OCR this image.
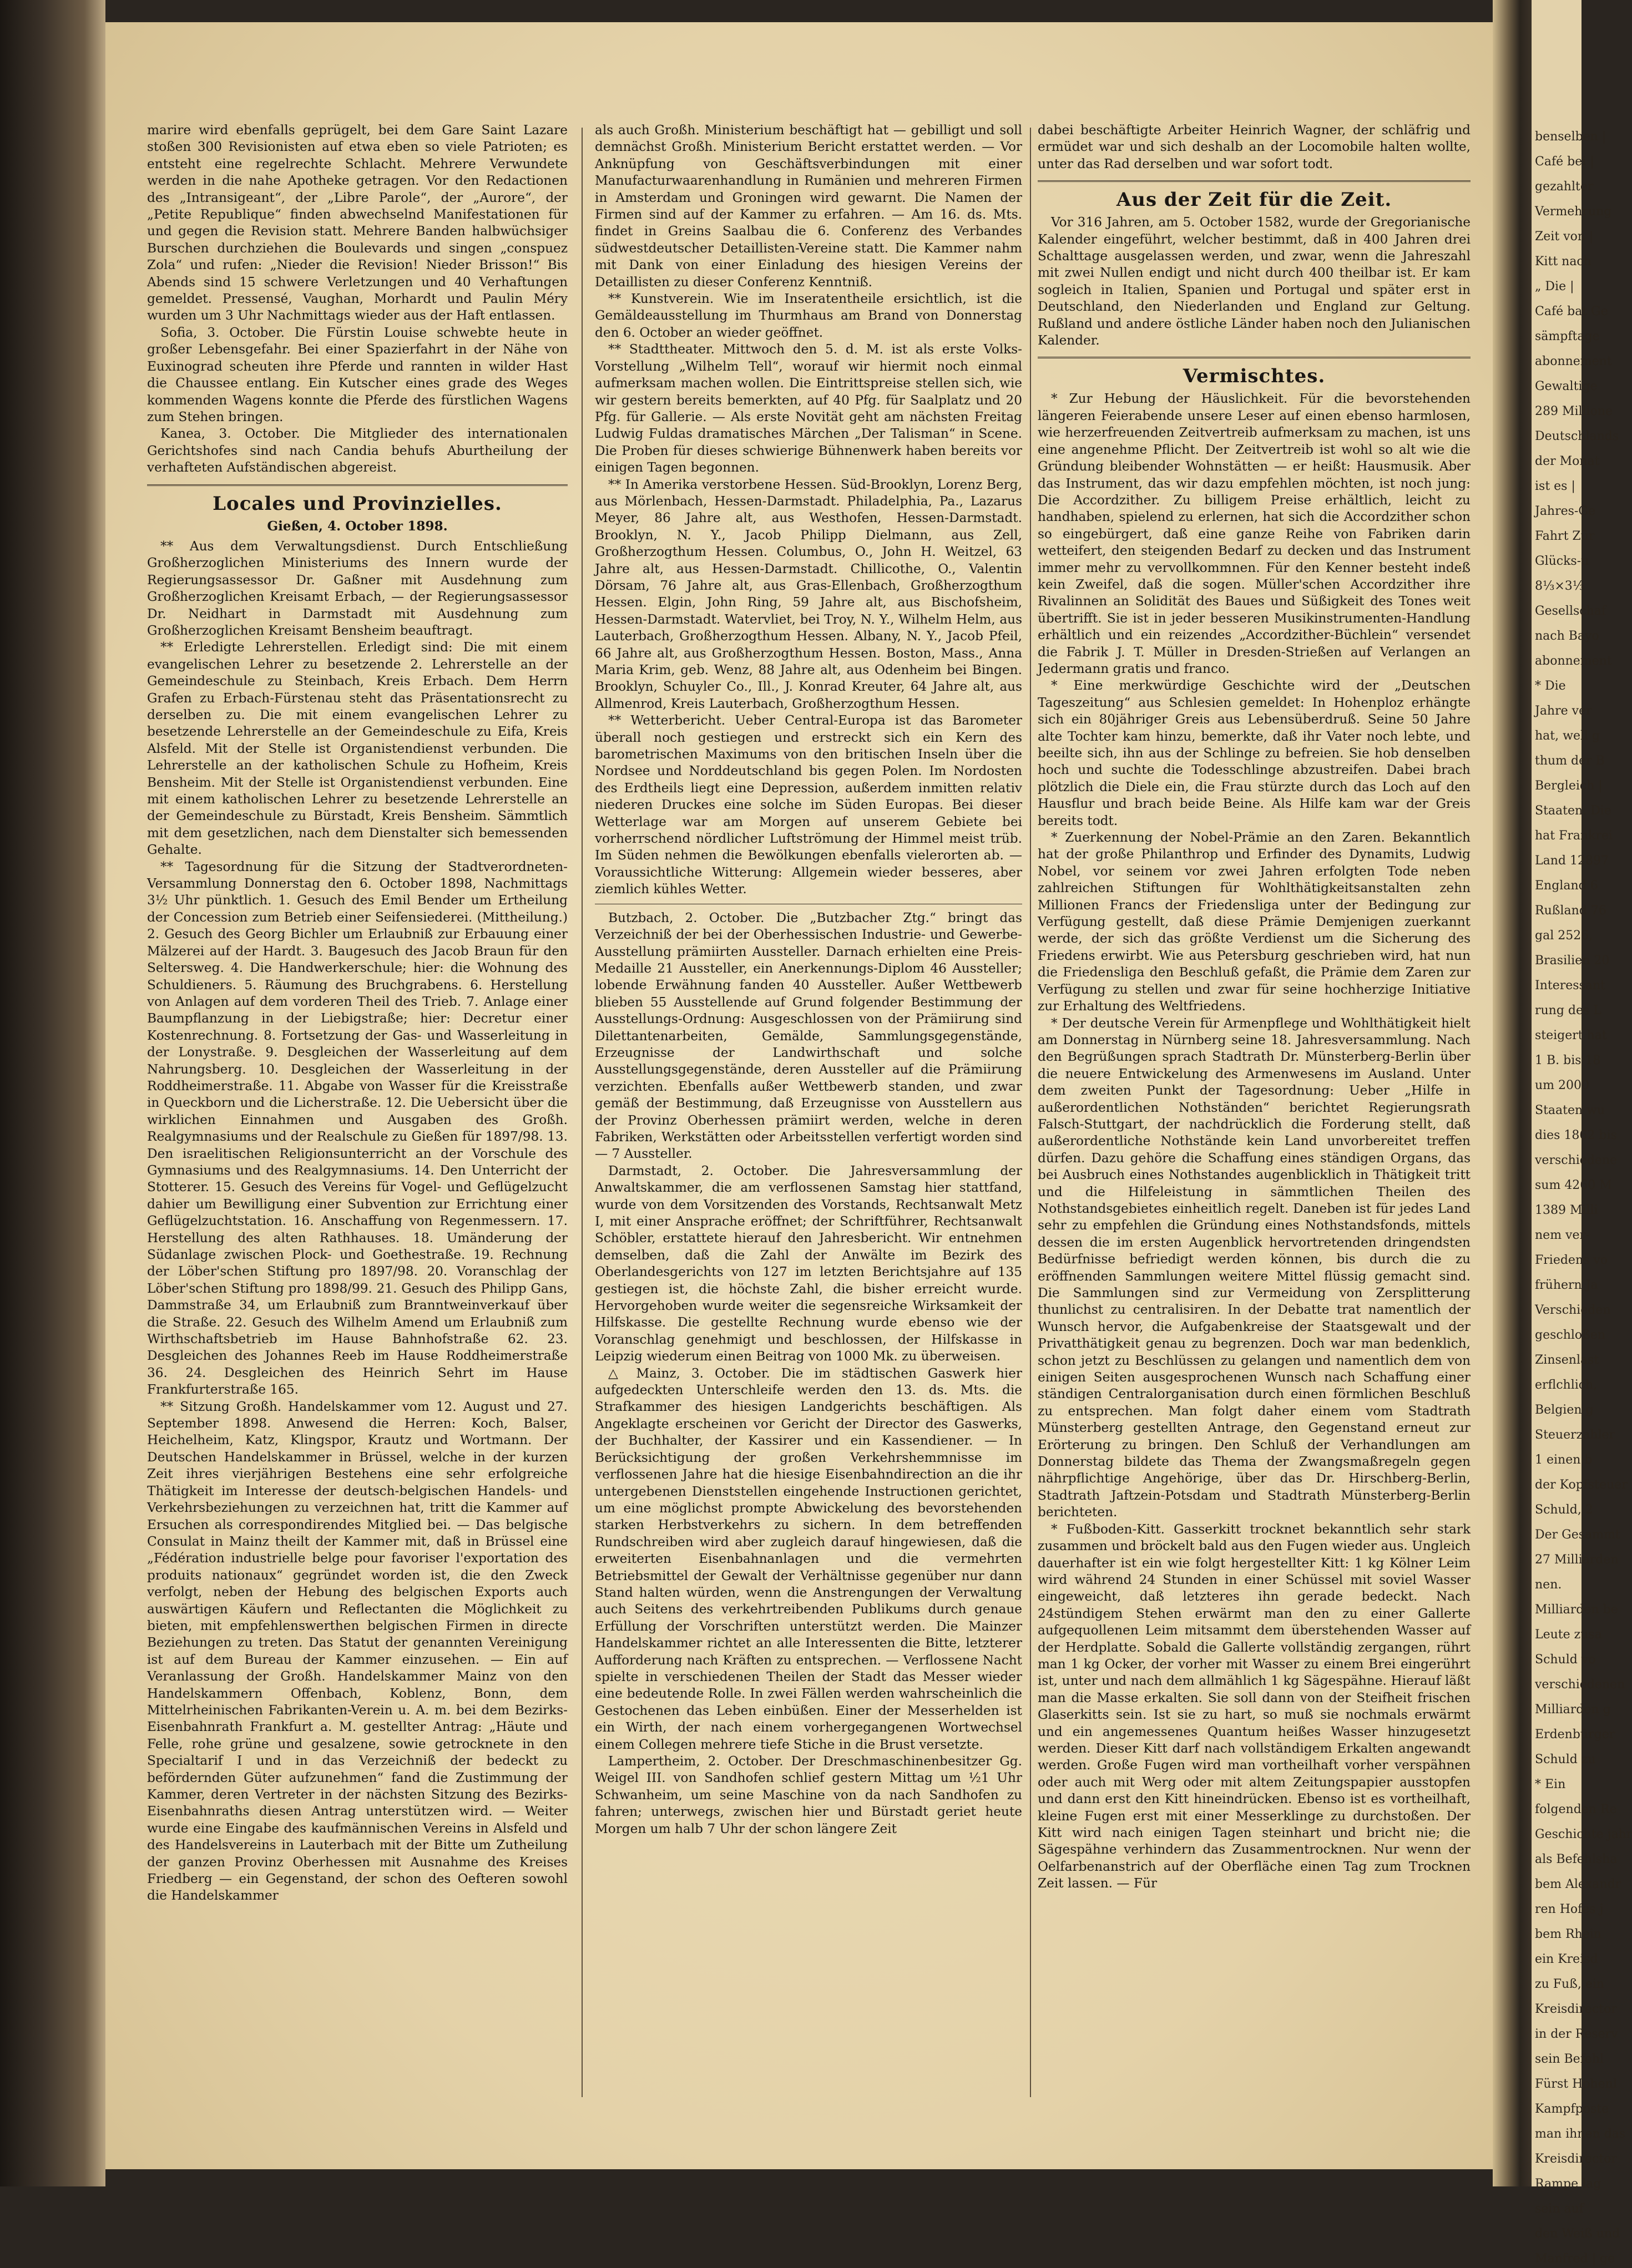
benselben |
Café bei |
gezahlter
Vermehrung
Zeit von |
Kitt nach
„ Die |
Café bat Ge
sämpftage
abonnement
Gewaltige
289 Millione
Deutschlands
der Monat
ist es |
Jahres-Ge
Fahrt Zür
Glücks-u
8⅓×3⅓
Gesellschaf
nach Bayo
abonnement
* Die
Jahre ver
hat, well g
thum der B
Bergleich |
Staaten. Die
hat Frankrei
Land 12897
England 6
Rußland 76
gal 2526,
Brasilien 20
Interessant
rung des L
steigert hat
1 B. bis 18
um 2000
Staaten wu
dies 1862 bis
verschiedene
sum 4260 M
1389 Milli
nem ver-
Friedens vo
frühern Ja
Verschieden
geschloßen
Zinsenlast
erflchlich,
Belgien g
Steuerzahler
1 einen b
der Kopfsteuer
Schuld, 2
Der Gesammt
27 Milliarden
nen.
Milliarden be
Leute zusa
Schuld vo
verschiedenen
Milliarden g
Erdenbürger
Schuld zu
* Ein
folgenden Re
Geschichte jahr
als Befehlsha
bem Alexandr
ren Hofes j
bem Rhein
ein Kreisd
zu Fuß, ein
Kreisdirector
in der Reserv
sein Befehl
Fürst Hohenl
Kampfposte
man ihnen das
Kreisdirector
Rampe lag
sein auf
den Weiß und
Manfred | ge

marire wird ebenfalls geprügelt, bei dem Gare Saint Lazare stoßen 300 Revisionisten auf etwa eben so viele Patrioten; es entsteht eine regelrechte Schlacht. Mehrere Verwundete werden in die nahe Apotheke getragen. Vor den Redactionen des „Intransigeant“, der „Libre Parole“, der „Aurore“, der „Petite Republique“ finden abwechselnd Manifestationen für und gegen die Revision statt. Mehrere Banden halbwüchsiger Burschen durchziehen die Boulevards und singen „conspuez Zola“ und rufen: „Nieder die Revision! Nieder Brisson!“ Bis Abends sind 15 schwere Verletzungen und 40 Verhaftungen gemeldet. Pressensé, Vaughan, Morhardt und Paulin Méry wurden um 3 Uhr Nachmittags wieder aus der Haft entlassen.

Sofia, 3. October. Die Fürstin Louise schwebte heute in großer Lebensgefahr. Bei einer Spazierfahrt in der Nähe von Euxinograd scheuten ihre Pferde und rannten in wilder Hast die Chaussee entlang. Ein Kutscher eines grade des Weges kommenden Wagens konnte die Pferde des fürstlichen Wagens zum Stehen bringen.

Kanea, 3. October. Die Mitglieder des internationalen Gerichtshofes sind nach Candia behufs Aburtheilung der verhafteten Aufständischen abgereist.

Locales und Provinzielles.
Gießen, 4. October 1898.

** Aus dem Verwaltungsdienst. Durch Entschließung Großherzoglichen Ministeriums des Innern wurde der Regierungsassessor Dr. Gaßner mit Ausdehnung zum Großherzoglichen Kreisamt Erbach, — der Regierungsassessor Dr. Neidhart in Darmstadt mit Ausdehnung zum Großherzoglichen Kreisamt Bensheim beauftragt.

** Erledigte Lehrerstellen. Erledigt sind: Die mit einem evangelischen Lehrer zu besetzende 2. Lehrerstelle an der Gemeindeschule zu Steinbach, Kreis Erbach. Dem Herrn Grafen zu Erbach-Fürstenau steht das Präsentationsrecht zu derselben zu. Die mit einem evangelischen Lehrer zu besetzende Lehrerstelle an der Gemeindeschule zu Eifa, Kreis Alsfeld. Mit der Stelle ist Organistendienst verbunden. Die Lehrerstelle an der katholischen Schule zu Hofheim, Kreis Bensheim. Mit der Stelle ist Organistendienst verbunden. Eine mit einem katholischen Lehrer zu besetzende Lehrerstelle an der Gemeindeschule zu Bürstadt, Kreis Bensheim. Sämmtlich mit dem gesetzlichen, nach dem Dienstalter sich bemessenden Gehalte.

** Tagesordnung für die Sitzung der Stadtverordneten-Versammlung Donnerstag den 6. October 1898, Nachmittags 3½ Uhr pünktlich. 1. Gesuch des Emil Bender um Ertheilung der Concession zum Betrieb einer Seifensiederei. (Mittheilung.) 2. Gesuch des Georg Bichler um Erlaubniß zur Erbauung einer Mälzerei auf der Hardt. 3. Baugesuch des Jacob Braun für den Seltersweg. 4. Die Handwerkerschule; hier: die Wohnung des Schuldieners. 5. Räumung des Bruchgrabens. 6. Herstellung von Anlagen auf dem vorderen Theil des Trieb. 7. Anlage einer Baumpflanzung in der Liebigstraße; hier: Decretur einer Kostenrechnung. 8. Fortsetzung der Gas- und Wasserleitung in der Lonystraße. 9. Desgleichen der Wasserleitung auf dem Nahrungsberg. 10. Desgleichen der Wasserleitung in der Roddheimerstraße. 11. Abgabe von Wasser für die Kreisstraße in Queckborn und die Licherstraße. 12. Die Uebersicht über die wirklichen Einnahmen und Ausgaben des Großh. Realgymnasiums und der Realschule zu Gießen für 1897/98. 13. Den israelitischen Religionsunterricht an der Vorschule des Gymnasiums und des Realgymnasiums. 14. Den Unterricht der Stotterer. 15. Gesuch des Vereins für Vogel- und Geflügelzucht dahier um Bewilligung einer Subvention zur Errichtung einer Geflügelzuchtstation. 16. Anschaffung von Regenmessern. 17. Herstellung des alten Rathhauses. 18. Umänderung der Südanlage zwischen Plock- und Goethestraße. 19. Rechnung der Löber'schen Stiftung pro 1897/98. 20. Voranschlag der Löber'schen Stiftung pro 1898/99. 21. Gesuch des Philipp Gans, Dammstraße 34, um Erlaubniß zum Branntweinverkauf über die Straße. 22. Gesuch des Wilhelm Amend um Erlaubniß zum Wirthschaftsbetrieb im Hause Bahnhofstraße 62. 23. Desgleichen des Johannes Reeb im Hause Roddheimerstraße 36. 24. Desgleichen des Heinrich Sehrt im Hause Frankfurterstraße 165.

** Sitzung Großh. Handelskammer vom 12. August und 27. September 1898. Anwesend die Herren: Koch, Balser, Heichelheim, Katz, Klingspor, Krautz und Wortmann. Der Deutschen Handelskammer in Brüssel, welche in der kurzen Zeit ihres vierjährigen Bestehens eine sehr erfolgreiche Thätigkeit im Interesse der deutsch-belgischen Handels- und Verkehrsbeziehungen zu verzeichnen hat, tritt die Kammer auf Ersuchen als correspondirendes Mitglied bei. — Das belgische Consulat in Mainz theilt der Kammer mit, daß in Brüssel eine „Fédération industrielle belge pour favoriser l'exportation des produits nationaux“ gegründet worden ist, die den Zweck verfolgt, neben der Hebung des belgischen Exports auch auswärtigen Käufern und Reflectanten die Möglichkeit zu bieten, mit empfehlenswerthen belgischen Firmen in directe Beziehungen zu treten. Das Statut der genannten Vereinigung ist auf dem Bureau der Kammer einzusehen. — Ein auf Veranlassung der Großh. Handelskammer Mainz von den Handelskammern Offenbach, Koblenz, Bonn, dem Mittelrheinischen Fabrikanten-Verein u. A. m. bei dem Bezirks-Eisenbahnrath Frankfurt a. M. gestellter Antrag: „Häute und Felle, rohe grüne und gesalzene, sowie getrocknete in den Specialtarif I und in das Verzeichniß der bedeckt zu befördernden Güter aufzunehmen“ fand die Zustimmung der Kammer, deren Vertreter in der nächsten Sitzung des Bezirks-Eisenbahnraths diesen Antrag unterstützen wird. — Weiter wurde eine Eingabe des kaufmännischen Vereins in Alsfeld und des Handelsvereins in Lauterbach mit der Bitte um Zutheilung der ganzen Provinz Oberhessen mit Ausnahme des Kreises Friedberg — ein Gegenstand, der schon des Oefteren sowohl die Handelskammer

als auch Großh. Ministerium beschäftigt hat — gebilligt und soll demnächst Großh. Ministerium Bericht erstattet werden. — Vor Anknüpfung von Geschäftsverbindungen mit einer Manufacturwaarenhandlung in Rumänien und mehreren Firmen in Amsterdam und Groningen wird gewarnt. Die Namen der Firmen sind auf der Kammer zu erfahren. — Am 16. ds. Mts. findet in Greins Saalbau die 6. Conferenz des Verbandes südwestdeutscher Detaillisten-Vereine statt. Die Kammer nahm mit Dank von einer Einladung des hiesigen Vereins der Detaillisten zu dieser Conferenz Kenntniß.

** Kunstverein. Wie im Inseratentheile ersichtlich, ist die Gemäldeausstellung im Thurmhaus am Brand von Donnerstag den 6. October an wieder geöffnet.

** Stadttheater. Mittwoch den 5. d. M. ist als erste Volks-Vorstellung „Wilhelm Tell“, worauf wir hiermit noch einmal aufmerksam machen wollen. Die Eintrittspreise stellen sich, wie wir gestern bereits bemerkten, auf 40 Pfg. für Saalplatz und 20 Pfg. für Gallerie. — Als erste Novität geht am nächsten Freitag Ludwig Fuldas dramatisches Märchen „Der Talisman“ in Scene. Die Proben für dieses schwierige Bühnenwerk haben bereits vor einigen Tagen begonnen.

** In Amerika verstorbene Hessen. Süd-Brooklyn, Lorenz Berg, aus Mörlenbach, Hessen-Darmstadt. Philadelphia, Pa., Lazarus Meyer, 86 Jahre alt, aus Westhofen, Hessen-Darmstadt. Brooklyn, N. Y., Jacob Philipp Dielmann, aus Zell, Großherzogthum Hessen. Columbus, O., John H. Weitzel, 63 Jahre alt, aus Hessen-Darmstadt. Chillicothe, O., Valentin Dörsam, 76 Jahre alt, aus Gras-Ellenbach, Großherzogthum Hessen. Elgin, John Ring, 59 Jahre alt, aus Bischofsheim, Hessen-Darmstadt. Watervliet, bei Troy, N. Y., Wilhelm Helm, aus Lauterbach, Großherzogthum Hessen. Albany, N. Y., Jacob Pfeil, 66 Jahre alt, aus Großherzogthum Hessen. Boston, Mass., Anna Maria Krim, geb. Wenz, 88 Jahre alt, aus Odenheim bei Bingen. Brooklyn, Schuyler Co., Ill., J. Konrad Kreuter, 64 Jahre alt, aus Allmenrod, Kreis Lauterbach, Großherzogthum Hessen.

** Wetterbericht. Ueber Central-Europa ist das Barometer überall noch gestiegen und erstreckt sich ein Kern des barometrischen Maximums von den britischen Inseln über die Nordsee und Norddeutschland bis gegen Polen. Im Nordosten des Erdtheils liegt eine Depression, außerdem inmitten relativ niederen Druckes eine solche im Süden Europas. Bei dieser Wetterlage war am Morgen auf unserem Gebiete bei vorherrschend nördlicher Luftströmung der Himmel meist trüb. Im Süden nehmen die Bewölkungen ebenfalls vielerorten ab. — Voraussichtliche Witterung: Allgemein wieder besseres, aber ziemlich kühles Wetter.

Butzbach, 2. October. Die „Butzbacher Ztg.“ bringt das Verzeichniß der bei der Oberhessischen Industrie- und Gewerbe-Ausstellung prämiirten Aussteller. Darnach erhielten eine Preis-Medaille 21 Aussteller, ein Anerkennungs-Diplom 46 Aussteller; lobende Erwähnung fanden 40 Aussteller. Außer Wettbewerb blieben 55 Ausstellende auf Grund folgender Bestimmung der Ausstellungs-Ordnung: Ausgeschlossen von der Prämiirung sind Dilettantenarbeiten, Gemälde, Sammlungsgegenstände, Erzeugnisse der Landwirthschaft und solche Ausstellungsgegenstände, deren Aussteller auf die Prämiirung verzichten. Ebenfalls außer Wettbewerb standen, und zwar gemäß der Bestimmung, daß Erzeugnisse von Ausstellern aus der Provinz Oberhessen prämiirt werden, welche in deren Fabriken, Werkstätten oder Arbeitsstellen verfertigt worden sind — 7 Aussteller.

Darmstadt, 2. October. Die Jahresversammlung der Anwaltskammer, die am verflossenen Samstag hier stattfand, wurde von dem Vorsitzenden des Vorstands, Rechtsanwalt Metz I, mit einer Ansprache eröffnet; der Schriftführer, Rechtsanwalt Schöbler, erstattete hierauf den Jahresbericht. Wir entnehmen demselben, daß die Zahl der Anwälte im Bezirk des Oberlandesgerichts von 127 im letzten Berichtsjahre auf 135 gestiegen ist, die höchste Zahl, die bisher erreicht wurde. Hervorgehoben wurde weiter die segensreiche Wirksamkeit der Hilfskasse. Die gestellte Rechnung wurde ebenso wie der Voranschlag genehmigt und beschlossen, der Hilfskasse in Leipzig wiederum einen Beitrag von 1000 Mk. zu überweisen.

△ Mainz, 3. October. Die im städtischen Gaswerk hier aufgedeckten Unterschleife werden den 13. ds. Mts. die Strafkammer des hiesigen Landgerichts beschäftigen. Als Angeklagte erscheinen vor Gericht der Director des Gaswerks, der Buchhalter, der Kassirer und ein Kassendiener. — In Berücksichtigung der großen Verkehrshemmnisse im verflossenen Jahre hat die hiesige Eisenbahndirection an die ihr untergebenen Dienststellen eingehende Instructionen gerichtet, um eine möglichst prompte Abwickelung des bevorstehenden starken Herbstverkehrs zu sichern. In dem betreffenden Rundschreiben wird aber zugleich darauf hingewiesen, daß die erweiterten Eisenbahnanlagen und die vermehrten Betriebsmittel der Gewalt der Verhältnisse gegenüber nur dann Stand halten würden, wenn die Anstrengungen der Verwaltung auch Seitens des verkehrtreibenden Publikums durch genaue Erfüllung der Vorschriften unterstützt werden. Die Mainzer Handelskammer richtet an alle Interessenten die Bitte, letzterer Aufforderung nach Kräften zu entsprechen. — Verflossene Nacht spielte in verschiedenen Theilen der Stadt das Messer wieder eine bedeutende Rolle. In zwei Fällen werden wahrscheinlich die Gestochenen das Leben einbüßen. Einer der Messerhelden ist ein Wirth, der nach einem vorhergegangenen Wortwechsel einem Collegen mehrere tiefe Stiche in die Brust versetzte.

Lampertheim, 2. October. Der Dreschmaschinenbesitzer Gg. Weigel III. von Sandhofen schlief gestern Mittag um ½1 Uhr Schwanheim, um seine Maschine von da nach Sandhofen zu fahren; unterwegs, zwischen hier und Bürstadt geriet heute Morgen um halb 7 Uhr der schon längere Zeit

dabei beschäftigte Arbeiter Heinrich Wagner, der schläfrig und ermüdet war und sich deshalb an der Locomobile halten wollte, unter das Rad derselben und war sofort todt.

Aus der Zeit für die Zeit.

Vor 316 Jahren, am 5. October 1582, wurde der Gregorianische Kalender eingeführt, welcher bestimmt, daß in 400 Jahren drei Schalttage ausgelassen werden, und zwar, wenn die Jahreszahl mit zwei Nullen endigt und nicht durch 400 theilbar ist. Er kam sogleich in Italien, Spanien und Portugal und später erst in Deutschland, den Niederlanden und England zur Geltung. Rußland und andere östliche Länder haben noch den Julianischen Kalender.

Vermischtes.

* Zur Hebung der Häuslichkeit. Für die bevorstehenden längeren Feierabende unsere Leser auf einen ebenso harmlosen, wie herzerfreuenden Zeitvertreib aufmerksam zu machen, ist uns eine angenehme Pflicht. Der Zeitvertreib ist wohl so alt wie die Gründung bleibender Wohnstätten — er heißt: Hausmusik. Aber das Instrument, das wir dazu empfehlen möchten, ist noch jung: Die Accordzither. Zu billigem Preise erhältlich, leicht zu handhaben, spielend zu erlernen, hat sich die Accordzither schon so eingebürgert, daß eine ganze Reihe von Fabriken darin wetteifert, den steigenden Bedarf zu decken und das Instrument immer mehr zu vervollkommnen. Für den Kenner besteht indeß kein Zweifel, daß die sogen. Müller'schen Accordzither ihre Rivalinnen an Solidität des Baues und Süßigkeit des Tones weit übertrifft. Sie ist in jeder besseren Musikinstrumenten-Handlung erhältlich und ein reizendes „Accordzither-Büchlein“ versendet die Fabrik J. T. Müller in Dresden-Strießen auf Verlangen an Jedermann gratis und franco.

* Eine merkwürdige Geschichte wird der „Deutschen Tageszeitung“ aus Schlesien gemeldet: In Hohenploz erhängte sich ein 80jähriger Greis aus Lebensüberdruß. Seine 50 Jahre alte Tochter kam hinzu, bemerkte, daß ihr Vater noch lebte, und beeilte sich, ihn aus der Schlinge zu befreien. Sie hob denselben hoch und suchte die Todesschlinge abzustreifen. Dabei brach plötzlich die Diele ein, die Frau stürzte durch das Loch auf den Hausflur und brach beide Beine. Als Hilfe kam war der Greis bereits todt.

* Zuerkennung der Nobel-Prämie an den Zaren. Bekanntlich hat der große Philanthrop und Erfinder des Dynamits, Ludwig Nobel, vor seinem vor zwei Jahren erfolgten Tode neben zahlreichen Stiftungen für Wohlthätigkeitsanstalten zehn Millionen Francs der Friedensliga unter der Bedingung zur Verfügung gestellt, daß diese Prämie Demjenigen zuerkannt werde, der sich das größte Verdienst um die Sicherung des Friedens erwirbt. Wie aus Petersburg geschrieben wird, hat nun die Friedensliga den Beschluß gefaßt, die Prämie dem Zaren zur Verfügung zu stellen und zwar für seine hochherzige Initiative zur Erhaltung des Weltfriedens.

* Der deutsche Verein für Armenpflege und Wohlthätigkeit hielt am Donnerstag in Nürnberg seine 18. Jahresversammlung. Nach den Begrüßungen sprach Stadtrath Dr. Münsterberg-Berlin über die neuere Entwickelung des Armenwesens im Ausland. Unter dem zweiten Punkt der Tagesordnung: Ueber „Hilfe in außerordentlichen Nothständen“ berichtet Regierungsrath Falsch-Stuttgart, der nachdrücklich die Forderung stellt, daß außerordentliche Nothstände kein Land unvorbereitet treffen dürfen. Dazu gehöre die Schaffung eines ständigen Organs, das bei Ausbruch eines Nothstandes augenblicklich in Thätigkeit tritt und die Hilfeleistung in sämmtlichen Theilen des Nothstandsgebietes einheitlich regelt. Daneben ist für jedes Land sehr zu empfehlen die Gründung eines Nothstandsfonds, mittels dessen die im ersten Augenblick hervortretenden dringendsten Bedürfnisse befriedigt werden können, bis durch die zu eröffnenden Sammlungen weitere Mittel flüssig gemacht sind. Die Sammlungen sind zur Vermeidung von Zersplitterung thunlichst zu centralisiren. In der Debatte trat namentlich der Wunsch hervor, die Aufgabenkreise der Staatsgewalt und der Privatthätigkeit genau zu begrenzen. Doch war man bedenklich, schon jetzt zu Beschlüssen zu gelangen und namentlich dem von einigen Seiten ausgesprochenen Wunsch nach Schaffung einer ständigen Centralorganisation durch einen förmlichen Beschluß zu entsprechen. Man folgt daher einem vom Stadtrath Münsterberg gestellten Antrage, den Gegenstand erneut zur Erörterung zu bringen. Den Schluß der Verhandlungen am Donnerstag bildete das Thema der Zwangsmaßregeln gegen nährpflichtige Angehörige, über das Dr. Hirschberg-Berlin, Stadtrath Jaftzein-Potsdam und Stadtrath Münsterberg-Berlin berichteten.

* Fußboden-Kitt. Gasserkitt trocknet bekanntlich sehr stark zusammen und bröckelt bald aus den Fugen wieder aus. Ungleich dauerhafter ist ein wie folgt hergestellter Kitt: 1 kg Kölner Leim wird während 24 Stunden in einer Schüssel mit soviel Wasser eingeweicht, daß letzteres ihn gerade bedeckt. Nach 24stündigem Stehen erwärmt man den zu einer Gallerte aufgequollenen Leim mitsammt dem überstehenden Wasser auf der Herdplatte. Sobald die Gallerte vollständig zergangen, rührt man 1 kg Ocker, der vorher mit Wasser zu einem Brei eingerührt ist, unter und nach dem allmählich 1 kg Sägespähne. Hierauf läßt man die Masse erkalten. Sie soll dann von der Steifheit frischen Glaserkitts sein. Ist sie zu hart, so muß sie nochmals erwärmt und ein angemessenes Quantum heißes Wasser hinzugesetzt werden. Dieser Kitt darf nach vollständigem Erkalten angewandt werden. Große Fugen wird man vortheilhaft vorher verspähnen oder auch mit Werg oder mit altem Zeitungspapier ausstopfen und dann erst den Kitt hineindrücken. Ebenso ist es vortheilhaft, kleine Fugen erst mit einer Messerklinge zu durchstoßen. Der Kitt wird nach einigen Tagen steinhart und bricht nie; die Sägespähne verhindern das Zusammentrocknen. Nur wenn der Oelfarbenanstrich auf der Oberfläche einen Tag zum Trocknen Zeit lassen. — Für
